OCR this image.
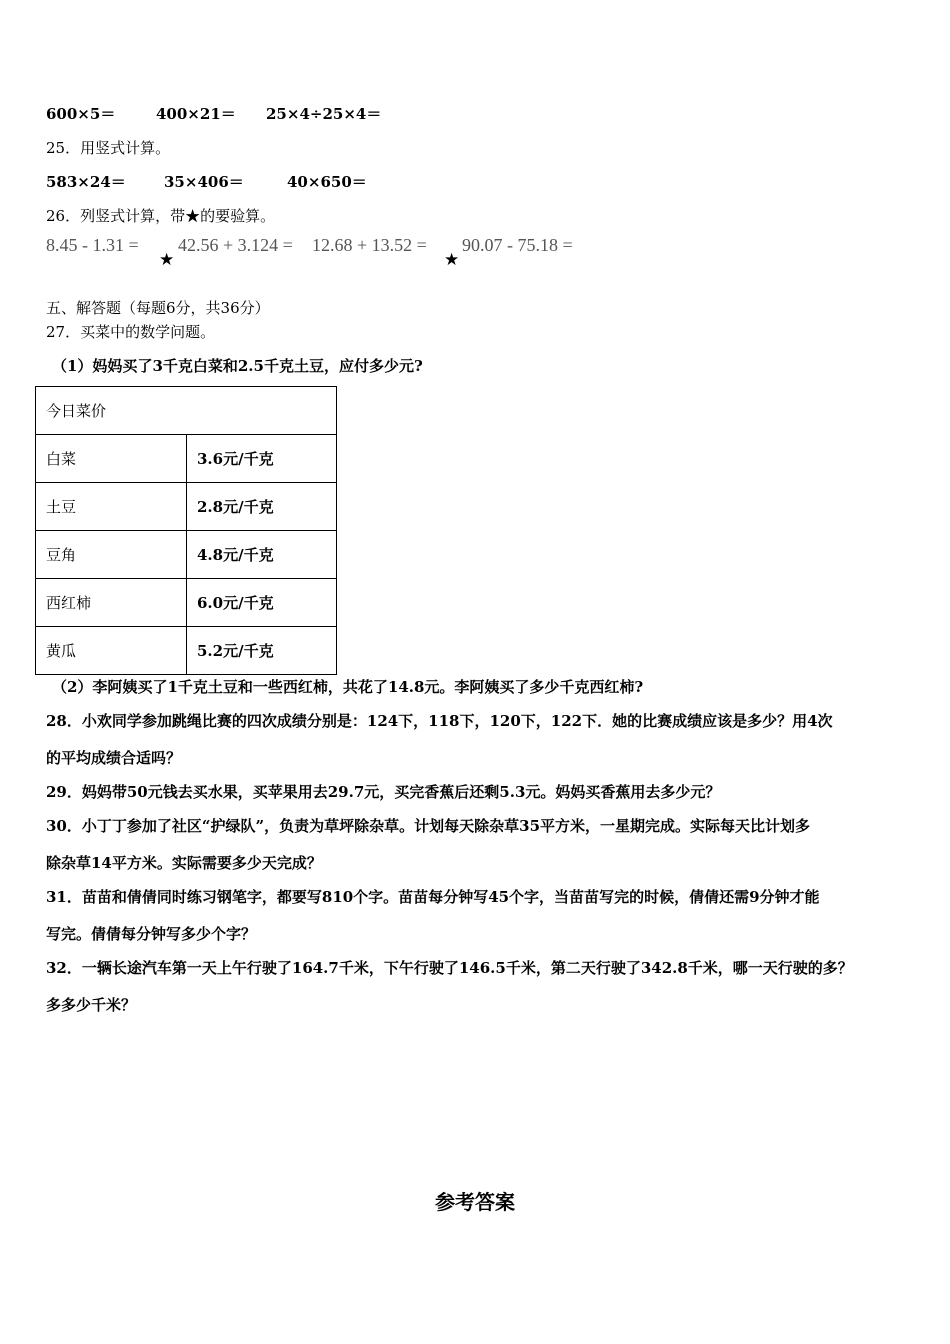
600×5＝	400×21＝ 25×4÷25×4＝
25．用竖式计算。
583×24＝	35×406＝	40×650＝
26．列竖式计算，带★的要验算。
8.45 - 1.31 =
★
42.56 + 3.124 = 12.68 + 13.52 =
★
90.07 - 75.18 =
五、解答题（每题6分，共36分）
27．买菜中的数学问题。
（1）妈妈买了3千克白菜和2.5千克土豆，应付多少元?
今日菜价	
白菜	3.6元/千克
土豆	2.8元/千克
豆角	4.8元/千克
西红柿	6.0元/千克
黄瓜	5.2元/千克
（2）李阿姨买了1千克土豆和一些西红柿，共花了14.8元。李阿姨买了多少千克西红柿?
28．小欢同学参加跳绳比赛的四次成绩分别是：124下，118下，120下，122下．她的比赛成绩应该是多少？用4次
的平均成绩合适吗？
29．妈妈带50元钱去买水果，买苹果用去29.7元，买完香蕉后还剩5.3元。妈妈买香蕉用去多少元？
30．小丁丁参加了社区“护绿队”，负责为草坪除杂草。计划每天除杂草35平方米，一星期完成。实际每天比计划多
除杂草14平方米。实际需要多少天完成？
31．苗苗和倩倩同时练习钢笔字，都要写810个字。苗苗每分钟写45个字，当苗苗写完的时候，倩倩还需9分钟才能
写完。倩倩每分钟写多少个字？
32．一辆长途汽车第一天上午行驶了164.7千米，下午行驶了146.5千米，第二天行驶了342.8千米，哪一天行驶的多？
多多少千米？
参考答案
